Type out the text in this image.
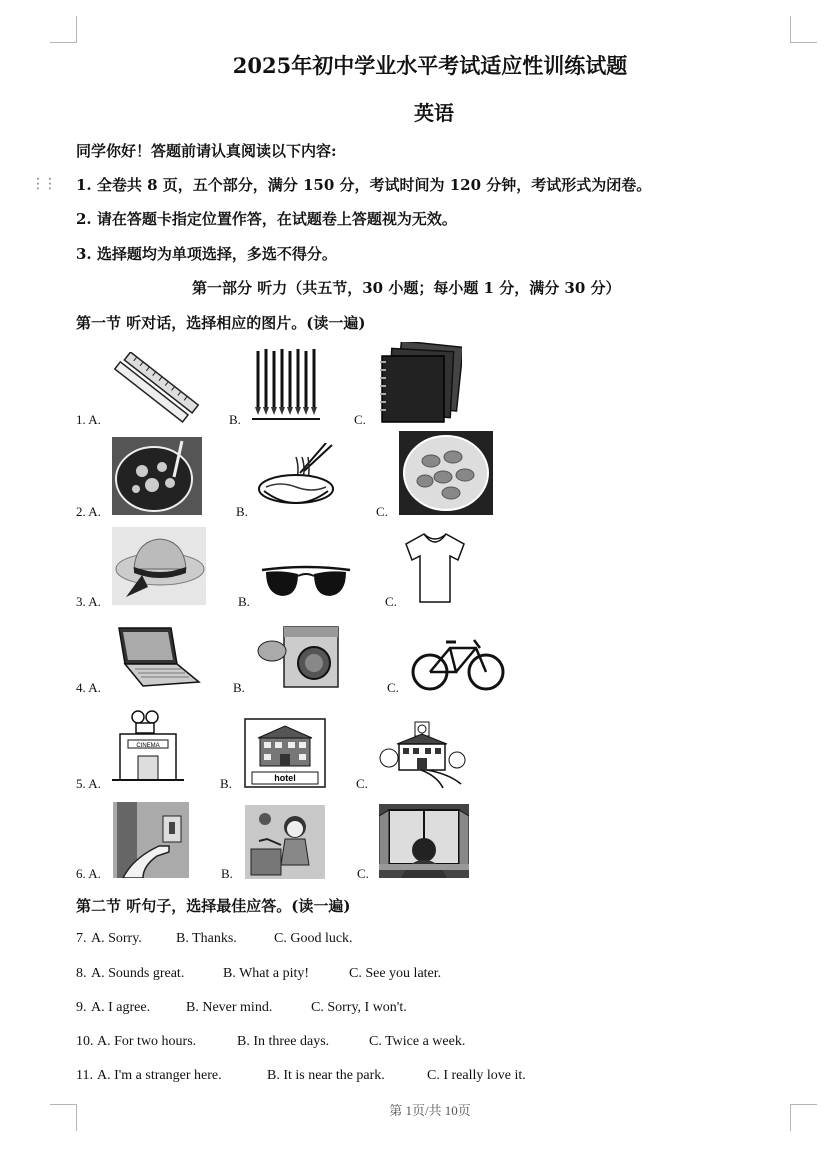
2025年初中学业水平考试适应性训练试题
英语
⋮⋮
同学你好！答题前请认真阅读以下内容:
1. 全卷共 8 页，五个部分，满分 150 分，考试时间为 120 分钟，考试形式为闭卷。
2. 请在答题卡指定位置作答，在试题卷上答题视为无效。
3. 选择题均为单项选择，多选不得分。
第一部分 听力（共五节，30 小题；每小题 1 分，满分 30 分）
第一节 听对话，选择相应的图片。(读一遍)
1. A.	B.	C.
2. A.	B.	C.
3. A.	B.	C.
4. A.	B.	C.
5. A.	B.	C.
CINEMA
hotel
6. A.	B.	C.
第二节 听句子，选择最佳应答。(读一遍)
7. A. Sorry. B. Thanks.	C. Good luck.
8. A. Sounds great.	B. What a pity!	C. See you later.
9. A. I agree.	B. Never mind.	C. Sorry, I won't.
10. A. For two hours.	B. In three days.	C. Twice a week.
11. A. I'm a stranger here.	B. It is near the park.	C. I really love it.
第 1页/共 10页
